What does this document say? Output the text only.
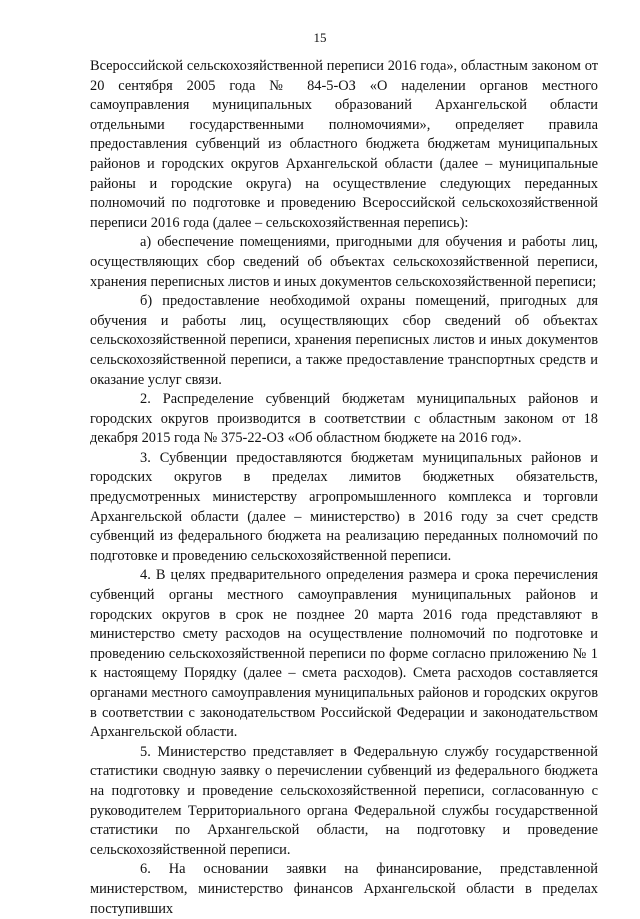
15

Всероссийской сельскохозяйственной переписи 2016 года», областным законом от 20 сентября 2005 года № 84-5-ОЗ «О наделении органов местного самоуправления муниципальных образований Архангельской области отдельными государственными полномочиями», определяет правила предоставления субвенций из областного бюджета бюджетам муниципальных районов и городских округов Архангельской области (далее – муниципальные районы и городские округа) на осуществление следующих переданных полномочий по подготовке и проведению Всероссийской сельскохозяйственной переписи 2016 года (далее – сельскохозяйственная перепись):

а) обеспечение помещениями, пригодными для обучения и работы лиц, осуществляющих сбор сведений об объектах сельскохозяйственной переписи, хранения переписных листов и иных документов сельскохозяйственной переписи;

б) предоставление необходимой охраны помещений, пригодных для обучения и работы лиц, осуществляющих сбор сведений об объектах сельскохозяйственной переписи, хранения переписных листов и иных документов сельскохозяйственной переписи, а также предоставление транспортных средств и оказание услуг связи.

2. Распределение субвенций бюджетам муниципальных районов и городских округов производится в соответствии с областным законом от 18 декабря 2015 года № 375-22-ОЗ «Об областном бюджете на 2016 год».

3. Субвенции предоставляются бюджетам муниципальных районов и городских округов в пределах лимитов бюджетных обязательств, предусмотренных министерству агропромышленного комплекса и торговли Архангельской области (далее – министерство) в 2016 году за счет средств субвенций из федерального бюджета на реализацию переданных полномочий по подготовке и проведению сельскохозяйственной переписи.

4. В целях предварительного определения размера и срока перечисления субвенций органы местного самоуправления муниципальных районов и городских округов в срок не позднее 20 марта 2016 года представляют в министерство смету расходов на осуществление полномочий по подготовке и проведению сельскохозяйственной переписи по форме согласно приложению № 1 к настоящему Порядку (далее – смета расходов). Смета расходов составляется органами местного самоуправления муниципальных районов и городских округов в соответствии с законодательством Российской Федерации и законодательством Архангельской области.

5. Министерство представляет в Федеральную службу государственной статистики сводную заявку о перечислении субвенций из федерального бюджета на подготовку и проведение сельскохозяйственной переписи, согласованную с руководителем Территориального органа Федеральной службы государственной статистики по Архангельской области, на подготовку и проведение сельскохозяйственной переписи.

6. На основании заявки на финансирование, представленной министерством, министерство финансов Архангельской области в пределах поступивших
